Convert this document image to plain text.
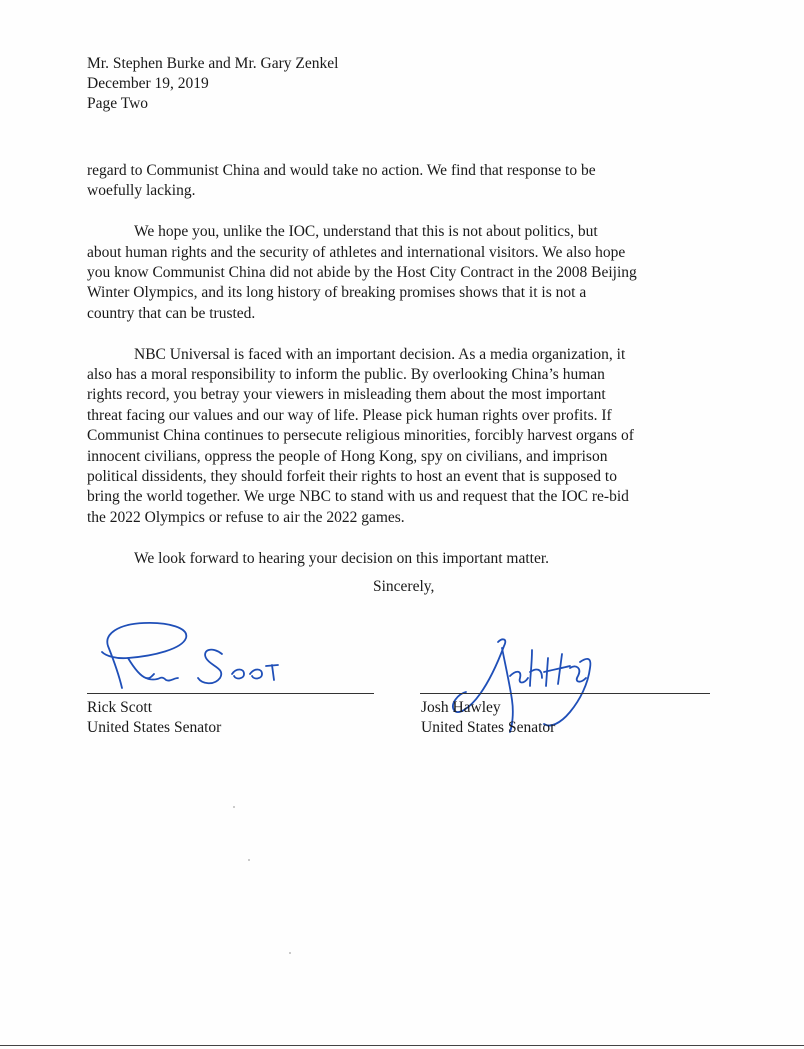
Mr. Stephen Burke and Mr. Gary Zenkel
December 19, 2019
Page Two

regard to Communist China and would take no action. We find that response to be
woefully lacking.

We hope you, unlike the IOC, understand that this is not about politics, but
about human rights and the security of athletes and international visitors. We also hope
you know Communist China did not abide by the Host City Contract in the 2008 Beijing
Winter Olympics, and its long history of breaking promises shows that it is not a
country that can be trusted.

NBC Universal is faced with an important decision. As a media organization, it
also has a moral responsibility to inform the public. By overlooking China’s human
rights record, you betray your viewers in misleading them about the most important
threat facing our values and our way of life. Please pick human rights over profits. If
Communist China continues to persecute religious minorities, forcibly harvest organs of
innocent civilians, oppress the people of Hong Kong, spy on civilians, and imprison
political dissidents, they should forfeit their rights to host an event that is supposed to
bring the world together. We urge NBC to stand with us and request that the IOC re-bid
the 2022 Olympics or refuse to air the 2022 games.

We look forward to hearing your decision on this important matter.

Sincerely,
Rick Scott
United States Senator
Josh Hawley
United States Senator
